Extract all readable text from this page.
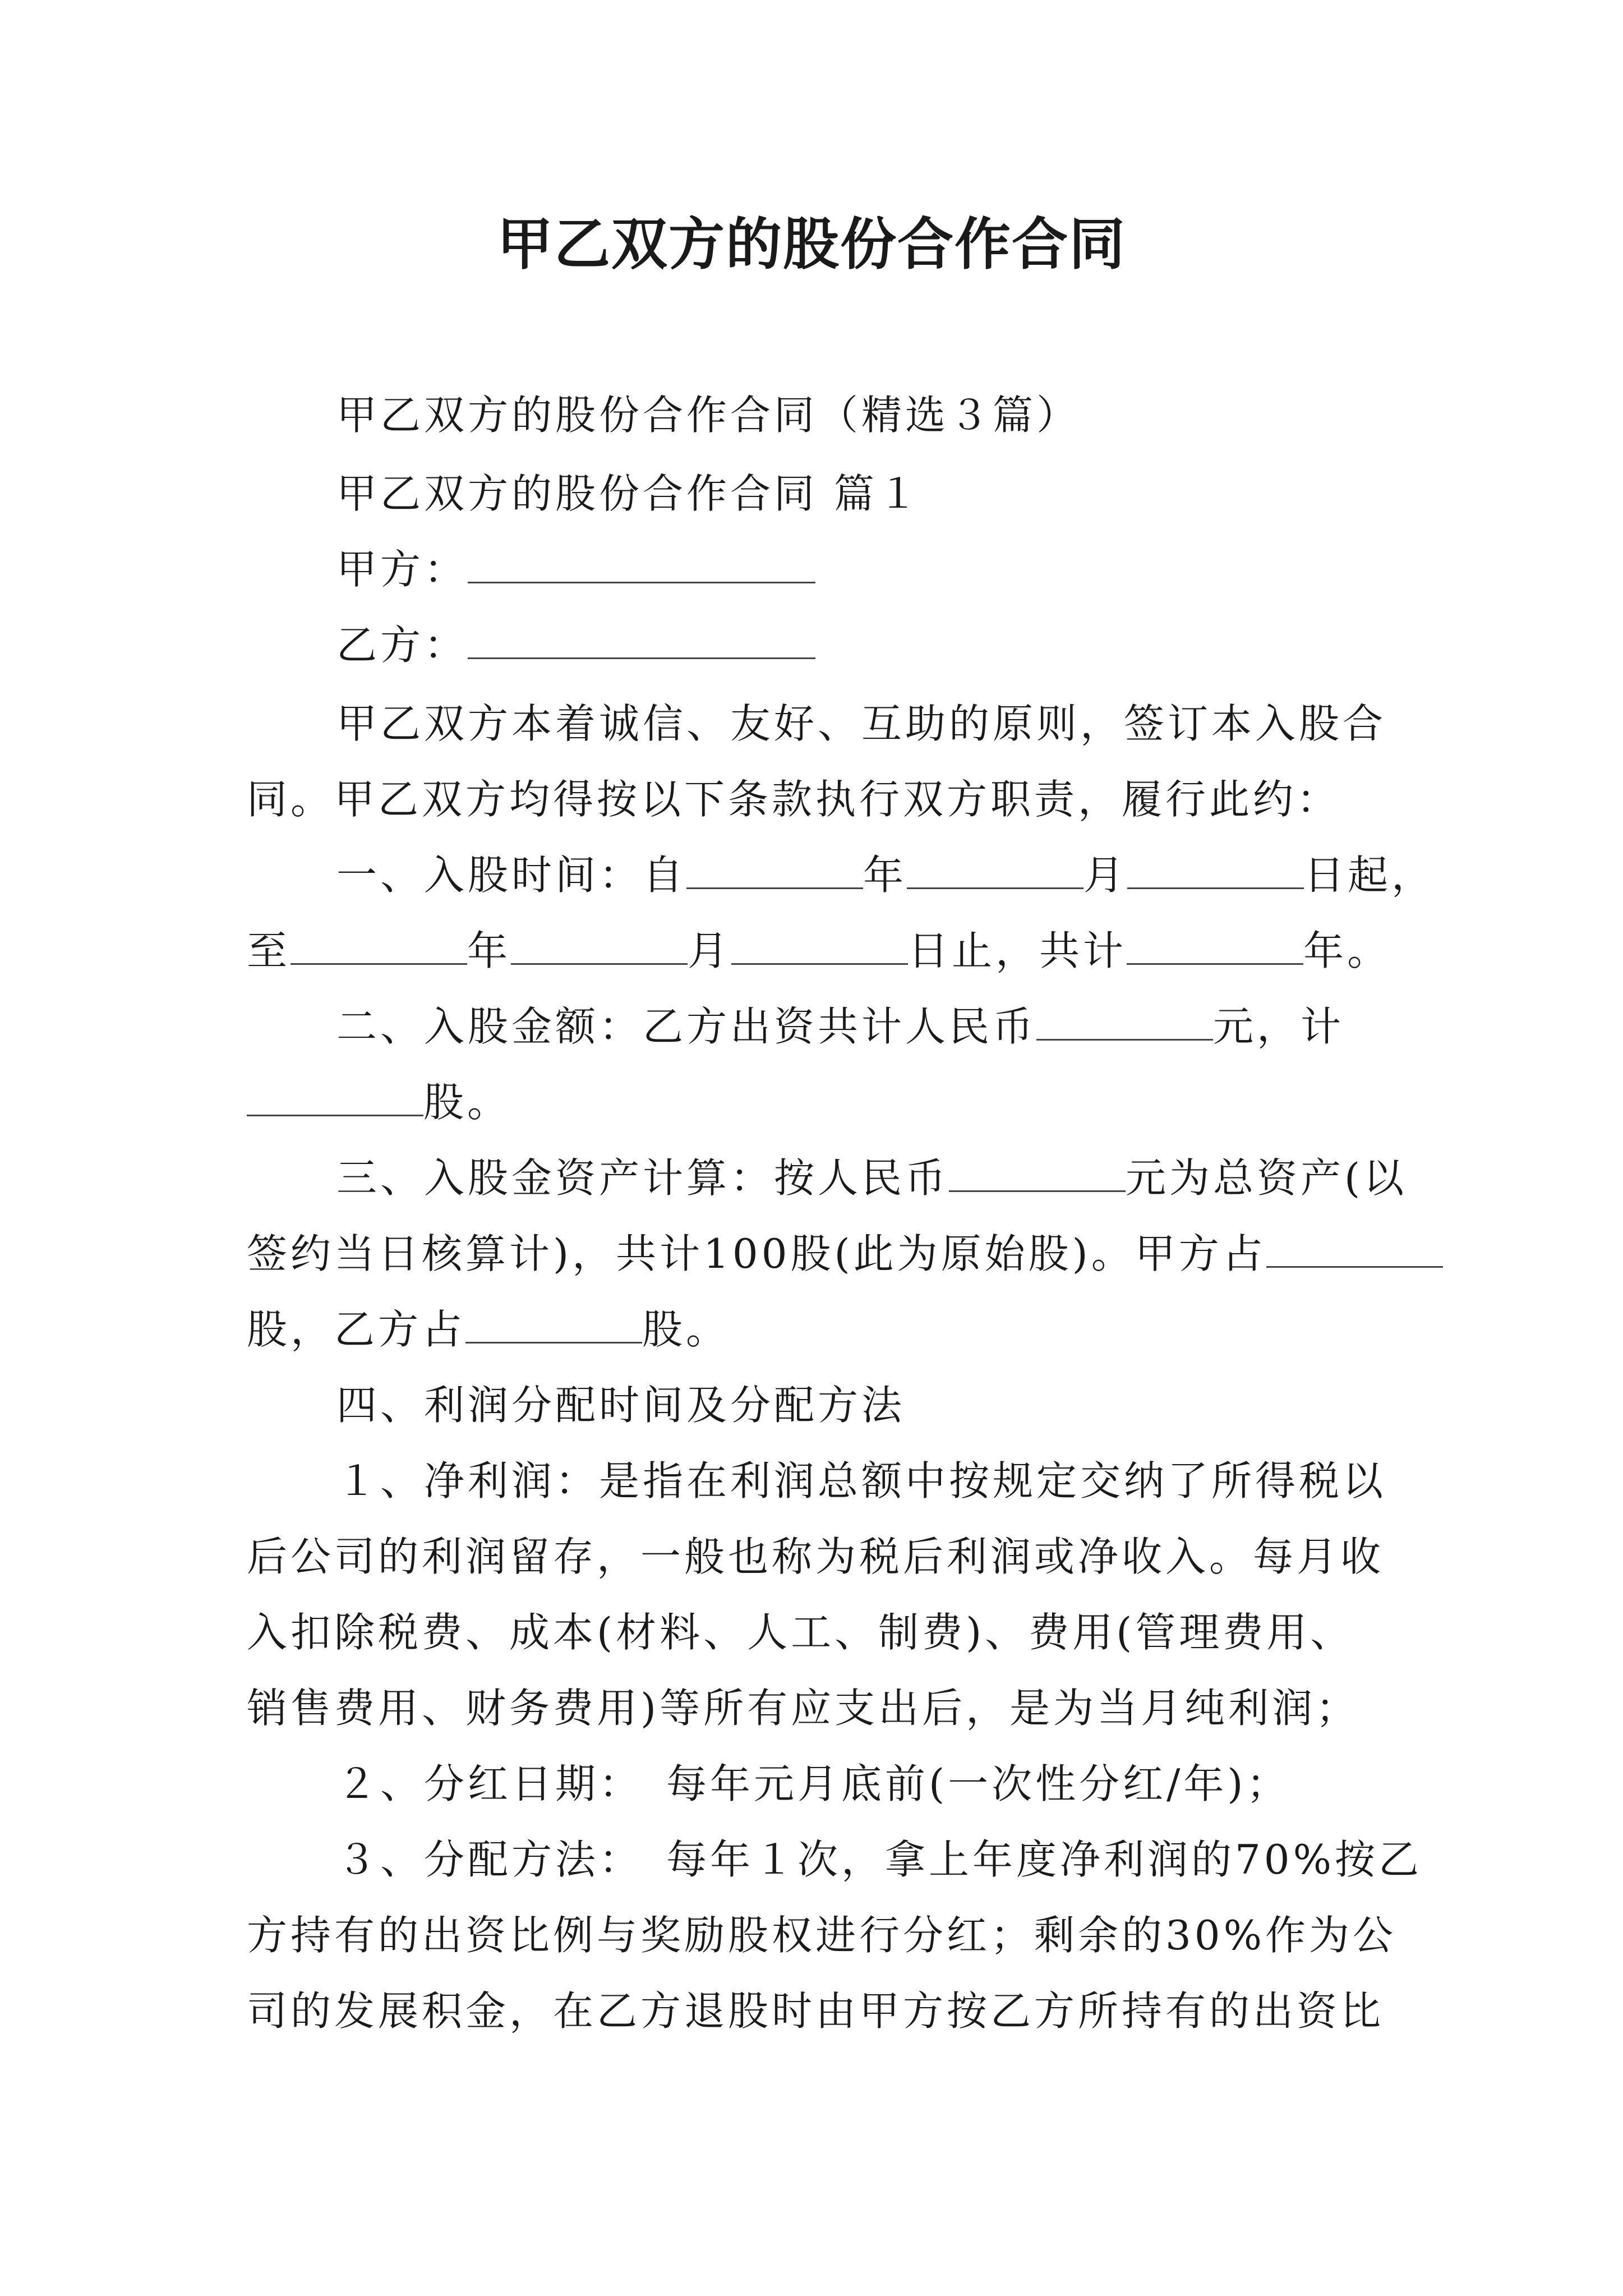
甲乙双方的股份合作合同
甲乙双方的股份合作合同（精选３篇）
甲乙双方的股份合作合同 篇１
甲方：
乙方：
甲乙双方本着诚信、友好、互助的原则，签订本入股合
同。甲乙双方均得按以下条款执行双方职责，履行此约：
一、入股时间：自	年	月	日起，
至	年	月	日止，共计	年。
二、入股金额：乙方出资共计人民币	元，计
股。
三、入股金资产计算：按人民币	元为总资产(以
签约当日核算计)，共计100股(此为原始股)。甲方占
股，乙方占	股。
四、利润分配时间及分配方法
１、净利润：是指在利润总额中按规定交纳了所得税以
后公司的利润留存，一般也称为税后利润或净收入。每月收
入扣除税费、成本(材料、人工、制费)、费用(管理费用、
销售费用、财务费用)等所有应支出后，是为当月纯利润；
２、分红日期：　每年元月底前(一次性分红/年)；
３、分配方法：　每年１次，拿上年度净利润的70%按乙
方持有的出资比例与奖励股权进行分红；剩余的30%作为公
司的发展积金，在乙方退股时由甲方按乙方所持有的出资比
